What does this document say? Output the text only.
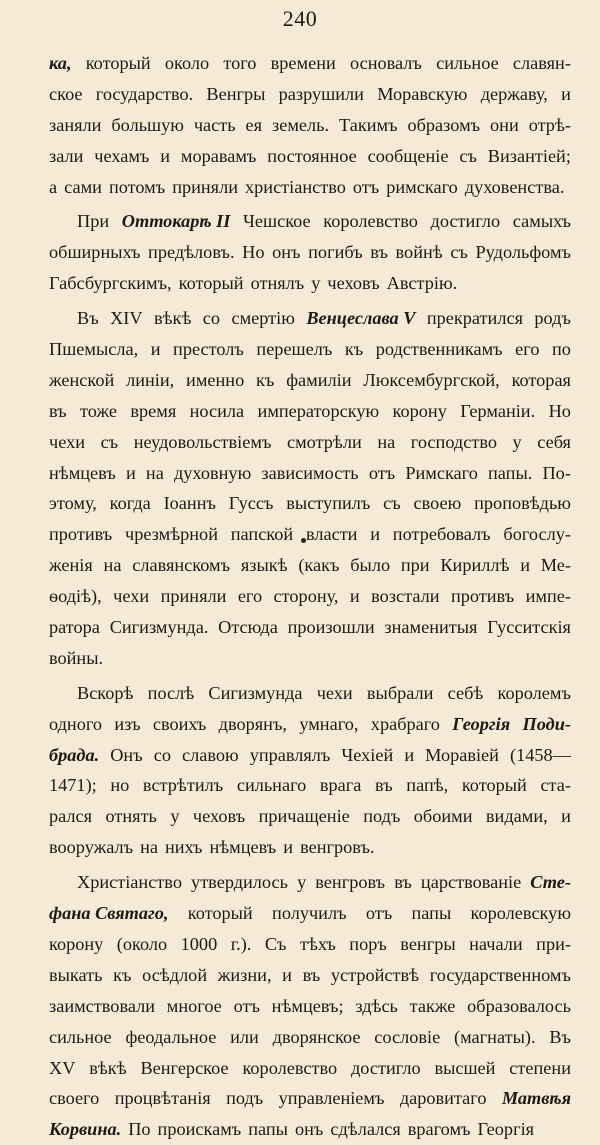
240
ка, который около того времени основалъ сильное славян-
ское государство. Венгры разрушили Моравскую державу, и
заняли большую часть ея земель. Такимъ образомъ они отрѣ-
зали чехамъ и моравамъ постоянное сообщеніе съ Византіей;
а сами потомъ приняли христіанство отъ римскаго духовенства.
При Оттокарѣ II Чешское королевство достигло самыхъ
обширныхъ предѣловъ. Но онъ погибъ въ войнѣ съ Рудольфомъ
Габсбургскимъ, который отнялъ у чеховъ Австрію.
Въ XIV вѣкѣ со смертію Венцеслава V прекратился родъ
Пшемысла, и престолъ перешелъ къ родственникамъ его по
женской линіи, именно къ фамиліи Люксембургской, которая
въ тоже время носила императорскую корону Германіи. Но
чехи съ неудовольствіемъ смотрѣли на господство у себя
нѣмцевъ и на духовную зависимость отъ Римскаго папы. По-
этому, когда Іоаннъ Гуссъ выступилъ съ своею проповѣдью
противъ чрезмѣрной папской власти и потребовалъ богослу-
женія на славянскомъ языкѣ (какъ было при Кириллѣ и Ме-
ѳодіѣ), чехи приняли его сторону, и возстали противъ импе-
ратора Сигизмунда. Отсюда произошли знаменитыя Гусситскія
войны.
Вскорѣ послѣ Сигизмунда чехи выбрали себѣ королемъ
одного изъ своихъ дворянъ, умнаго, храбраго Георгія Поди-
брада. Онъ со славою управлялъ Чехіей и Моравіей (1458—
1471); но встрѣтилъ сильнаго врага въ папѣ, который ста-
рался отнять у чеховъ причащеніе подъ обоими видами, и
вооружалъ на нихъ нѣмцевъ и венгровъ.
Христіанство утвердилось у венгровъ въ царствованіе Сте-
фана Святаго, который получилъ отъ папы королевскую
корону (около 1000 г.). Съ тѣхъ поръ венгры начали при-
выкать къ осѣдлой жизни, и въ устройствѣ государственномъ
заимствовали многое отъ нѣмцевъ; здѣсь также образовалось
сильное феодальное или дворянское сословіе (магнаты). Въ
XV вѣкѣ Венгерское королевство достигло высшей степени
своего процвѣтанія подъ управленіемъ даровитаго Матвѣя
Корвина. По проискамъ папы онъ сдѣлался врагомъ Георгія
